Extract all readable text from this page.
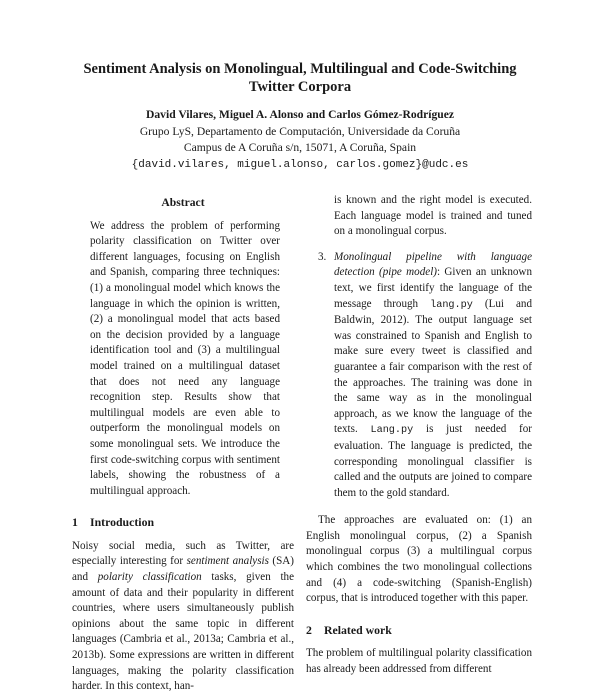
Sentiment Analysis on Monolingual, Multilingual and Code-Switching
Twitter Corpora
David Vilares, Miguel A. Alonso and Carlos Gómez-Rodríguez
Grupo LyS, Departamento de Computación, Universidade da Coruña
Campus de A Coruña s/n, 15071, A Coruña, Spain
{david.vilares, miguel.alonso, carlos.gomez}@udc.es
Abstract
We address the problem of performing polarity classification on Twitter over different languages, focusing on English and Spanish, comparing three techniques: (1) a monolingual model which knows the language in which the opinion is written, (2) a monolingual model that acts based on the decision provided by a language identification tool and (3) a multilingual model trained on a multilingual dataset that does not need any language recognition step. Results show that multilingual models are even able to outperform the monolingual models on some monolingual sets. We introduce the first code-switching corpus with sentiment labels, showing the robustness of a multilingual approach.
1 Introduction
Noisy social media, such as Twitter, are especially interesting for sentiment analysis (SA) and polarity classification tasks, given the amount of data and their popularity in different countries, where users simultaneously publish opinions about the same topic in different languages (Cambria et al., 2013a; Cambria et al., 2013b). Some expressions are written in different languages, making the polarity classification harder. In this context, han-
is known and the right model is executed. Each language model is trained and tuned on a monolingual corpus.
3. Monolingual pipeline with language detection (pipe model): Given an unknown text, we first identify the language of the message through lang.py (Lui and Baldwin, 2012). The output language set was constrained to Spanish and English to make sure every tweet is classified and guarantee a fair comparison with the rest of the approaches. The training was done in the same way as in the monolingual approach, as we know the language of the texts. Lang.py is just needed for evaluation. The language is predicted, the corresponding monolingual classifier is called and the outputs are joined to compare them to the gold standard.
The approaches are evaluated on: (1) an English monolingual corpus, (2) a Spanish monolingual corpus (3) a multilingual corpus which combines the two monolingual collections and (4) a code-switching (Spanish-English) corpus, that is introduced together with this paper.
2 Related work
The problem of multilingual polarity classification has already been addressed from different
